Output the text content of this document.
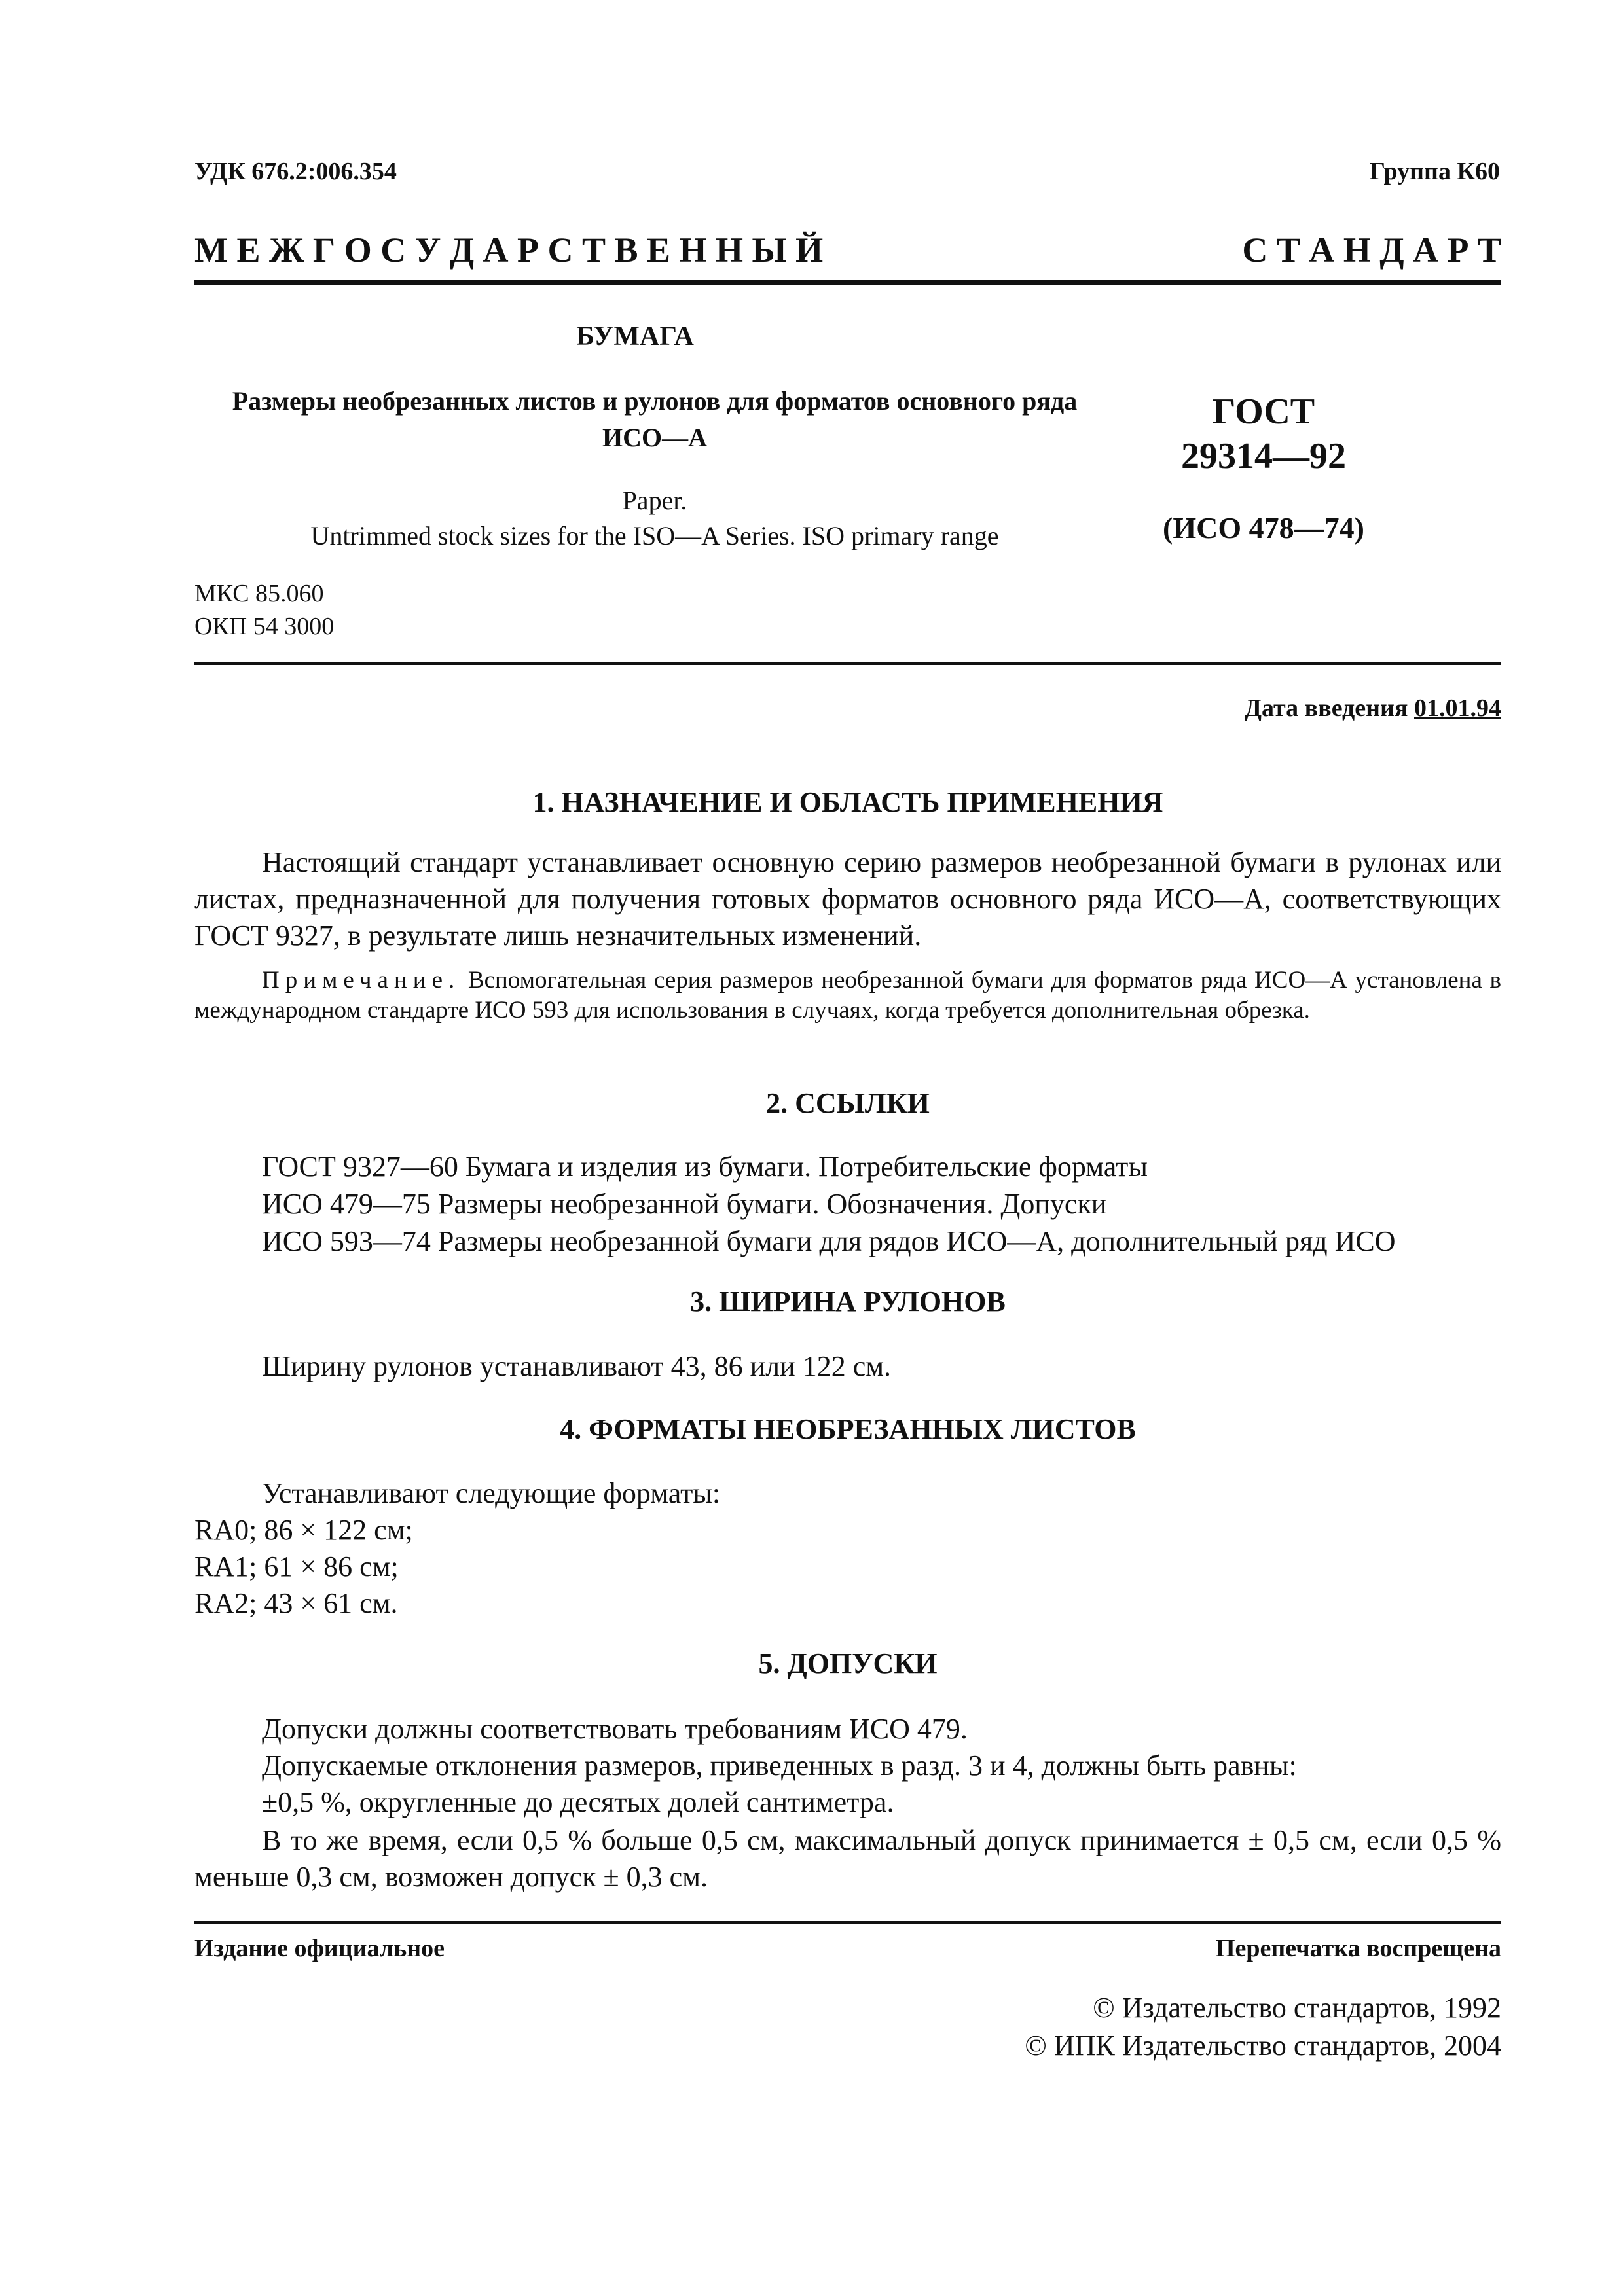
УДК 676.2:006.354	Группа К60
М Е Ж Г О С У Д А Р С Т В Е Н Н Ы Й	С Т А Н Д А Р Т
БУМАГА
Размеры необрезанных листов и рулонов для форматов основного ряда ИСО—А
Paper.
Untrimmed stock sizes for the ISO—A Series. ISO primary range
ГОСТ
29314—92
(ИСО 478—74)
МКС 85.060
ОКП 54 3000
Дата введения 01.01.94
1. НАЗНАЧЕНИЕ И ОБЛАСТЬ ПРИМЕНЕНИЯ
Настоящий стандарт устанавливает основную серию размеров необрезанной бумаги в рулонах или листах, предназначенной для получения готовых форматов основного ряда ИСО—А, соответствующих ГОСТ 9327, в результате лишь незначительных изменений.
Примечание. Вспомогательная серия размеров необрезанной бумаги для форматов ряда ИСО—А установлена в международном стандарте ИСО 593 для использования в случаях, когда требуется дополнительная обрезка.
2. ССЫЛКИ
ГОСТ 9327—60 Бумага и изделия из бумаги. Потребительские форматы
ИСО 479—75 Размеры необрезанной бумаги. Обозначения. Допуски
ИСО 593—74 Размеры необрезанной бумаги для рядов ИСО—А, дополнительный ряд ИСО
3. ШИРИНА РУЛОНОВ
Ширину рулонов устанавливают 43, 86 или 122 см.
4. ФОРМАТЫ НЕОБРЕЗАННЫХ ЛИСТОВ
Устанавливают следующие форматы:
RA0; 86 × 122 см;
RA1; 61 × 86 см;
RA2; 43 × 61 см.
5. ДОПУСКИ
Допуски должны соответствовать требованиям ИСО 479.
Допускаемые отклонения размеров, приведенных в разд. 3 и 4, должны быть равны:
±0,5 %, округленные до десятых долей сантиметра.
В то же время, если 0,5 % больше 0,5 см, максимальный допуск принимается ± 0,5 см, если 0,5 % меньше 0,3 см, возможен допуск ± 0,3 см.
Издание официальное	Перепечатка воспрещена
© Издательство стандартов, 1992
© ИПК Издательство стандартов, 2004
